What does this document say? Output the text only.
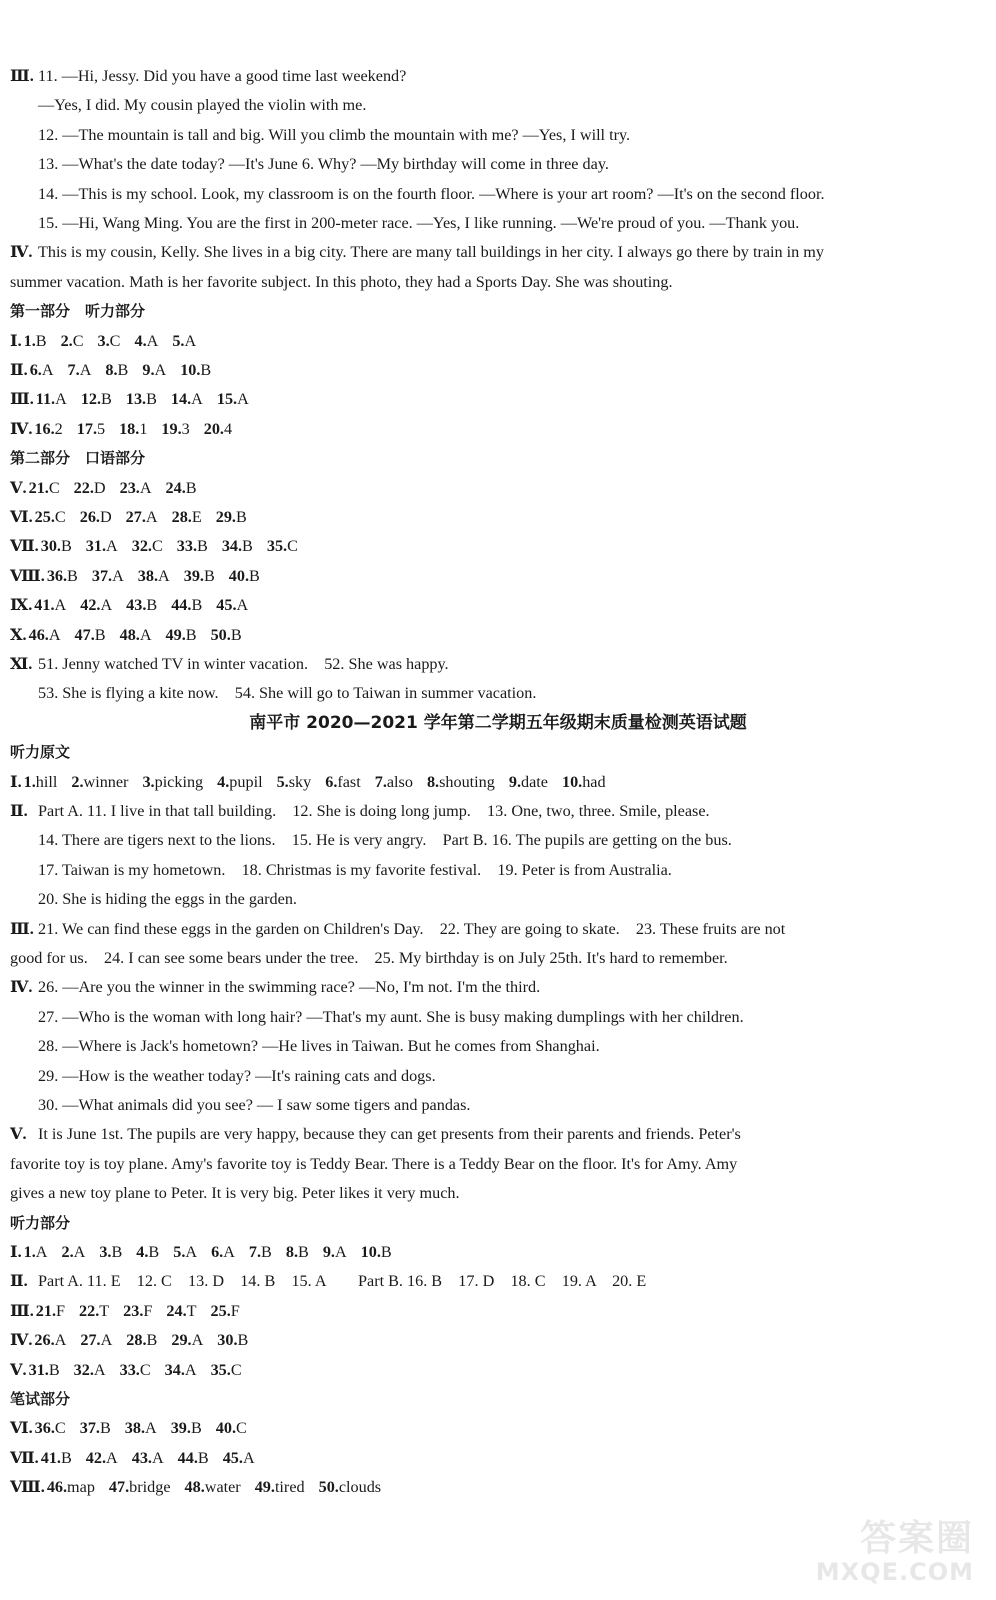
Ⅲ. 11. —Hi, Jessy. Did you have a good time last weekend?
—Yes, I did. My cousin played the violin with me.
12. —The mountain is tall and big. Will you climb the mountain with me? —Yes, I will try.
13. —What's the date today? —It's June 6. Why? —My birthday will come in three day.
14. —This is my school. Look, my classroom is on the fourth floor. —Where is your art room? —It's on the second floor.
15. —Hi, Wang Ming. You are the first in 200-meter race. —Yes, I like running. —We're proud of you. —Thank you.
Ⅳ. This is my cousin, Kelly. She lives in a big city. There are many tall buildings in her city. I always go there by train in my
summer vacation. Math is her favorite subject. In this photo, they had a Sports Day. She was shouting.
第一部分　听力部分
Ⅰ. 1.B 2.C 3.C 4.A 5.A
Ⅱ. 6.A 7.A 8.B 9.A 10.B
Ⅲ. 11.A 12.B 13.B 14.A 15.A
Ⅳ. 16.2 17.5 18.1 19.3 20.4
第二部分　口语部分
Ⅴ. 21.C 22.D 23.A 24.B
Ⅵ. 25.C 26.D 27.A 28.E 29.B
Ⅶ. 30.B 31.A 32.C 33.B 34.B 35.C
Ⅷ. 36.B 37.A 38.A 39.B 40.B
Ⅸ. 41.A 42.A 43.B 44.B 45.A
Ⅹ. 46.A 47.B 48.A 49.B 50.B
Ⅺ. 51. Jenny watched TV in winter vacation.　52. She was happy.
53. She is flying a kite now.　54. She will go to Taiwan in summer vacation.
南平市 2020—2021 学年第二学期五年级期末质量检测英语试题
听力原文
Ⅰ. 1.hill 2.winner 3.picking 4.pupil 5.sky 6.fast 7.also 8.shouting 9.date 10.had
Ⅱ. Part A. 11. I live in that tall building.　12. She is doing long jump.　13. One, two, three. Smile, please.
14. There are tigers next to the lions.　15. He is very angry.　Part B. 16. The pupils are getting on the bus.
17. Taiwan is my hometown.　18. Christmas is my favorite festival.　19. Peter is from Australia.
20. She is hiding the eggs in the garden.
Ⅲ. 21. We can find these eggs in the garden on Children's Day.　22. They are going to skate.　23. These fruits are not
good for us.　24. I can see some bears under the tree.　25. My birthday is on July 25th. It's hard to remember.
Ⅳ. 26. —Are you the winner in the swimming race? —No, I'm not. I'm the third.
27. —Who is the woman with long hair? —That's my aunt. She is busy making dumplings with her children.
28. —Where is Jack's hometown? —He lives in Taiwan. But he comes from Shanghai.
29. —How is the weather today? —It's raining cats and dogs.
30. —What animals did you see? — I saw some tigers and pandas.
Ⅴ. It is June 1st. The pupils are very happy, because they can get presents from their parents and friends. Peter's
favorite toy is toy plane. Amy's favorite toy is Teddy Bear. There is a Teddy Bear on the floor. It's for Amy. Amy
gives a new toy plane to Peter. It is very big. Peter likes it very much.
听力部分
Ⅰ. 1.A 2.A 3.B 4.B 5.A 6.A 7.B 8.B 9.A 10.B
Ⅱ. Part A. 11. E　12. C　13. D　14. B　15. A　　Part B. 16. B　17. D　18. C　19. A　20. E
Ⅲ. 21.F 22.T 23.F 24.T 25.F
Ⅳ. 26.A 27.A 28.B 29.A 30.B
Ⅴ. 31.B 32.A 33.C 34.A 35.C
笔试部分
Ⅵ. 36.C 37.B 38.A 39.B 40.C
Ⅶ. 41.B 42.A 43.A 44.B 45.A
Ⅷ. 46.map 47.bridge 48.water 49.tired 50.clouds
答案圈
MXQE.COM
